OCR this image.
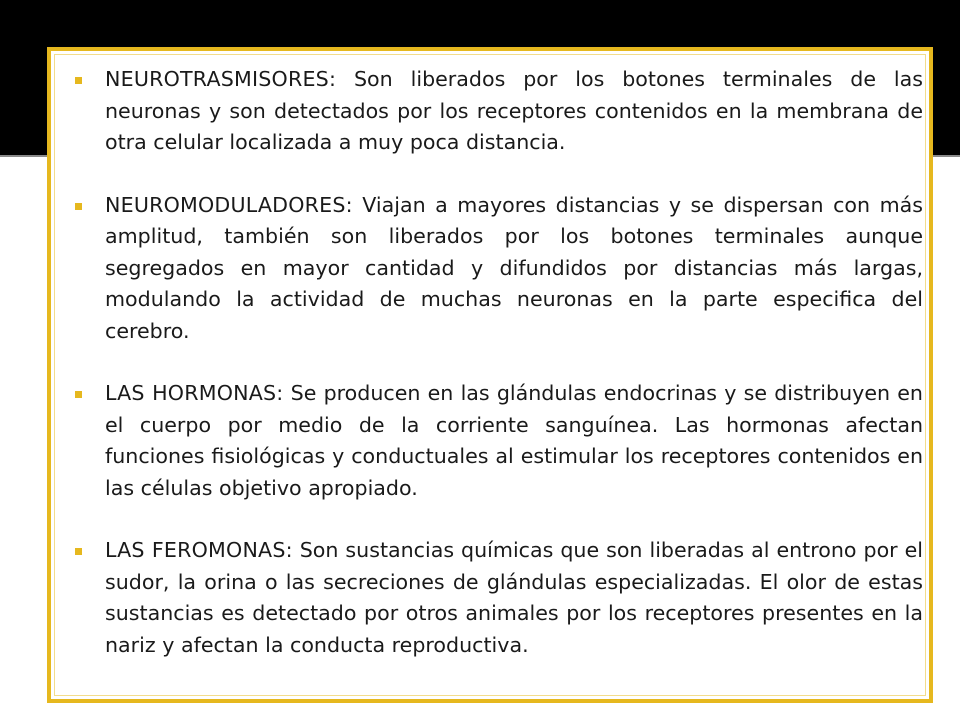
NEUROTRASMISORES: Son liberados por los botones terminales de las neuronas y son detectados por los receptores contenidos en la membrana de otra celular localizada a muy poca distancia.
NEUROMODULADORES: Viajan a mayores distancias y se dispersan con más amplitud, también son liberados por los botones terminales aunque segregados en mayor cantidad y difundidos por distancias más largas, modulando la actividad de muchas neuronas en la parte especifica del cerebro.
LAS HORMONAS: Se producen en las glándulas endocrinas y se distribuyen en el cuerpo por medio de la corriente sanguínea. Las hormonas afectan funciones fisiológicas y conductuales al estimular los receptores contenidos en las células objetivo apropiado.
LAS FEROMONAS: Son sustancias químicas que son liberadas al entrono por el sudor, la orina o las secreciones de glándulas especializadas. El olor de estas sustancias es detectado por otros animales por los receptores presentes en la nariz y afectan la conducta reproductiva.
